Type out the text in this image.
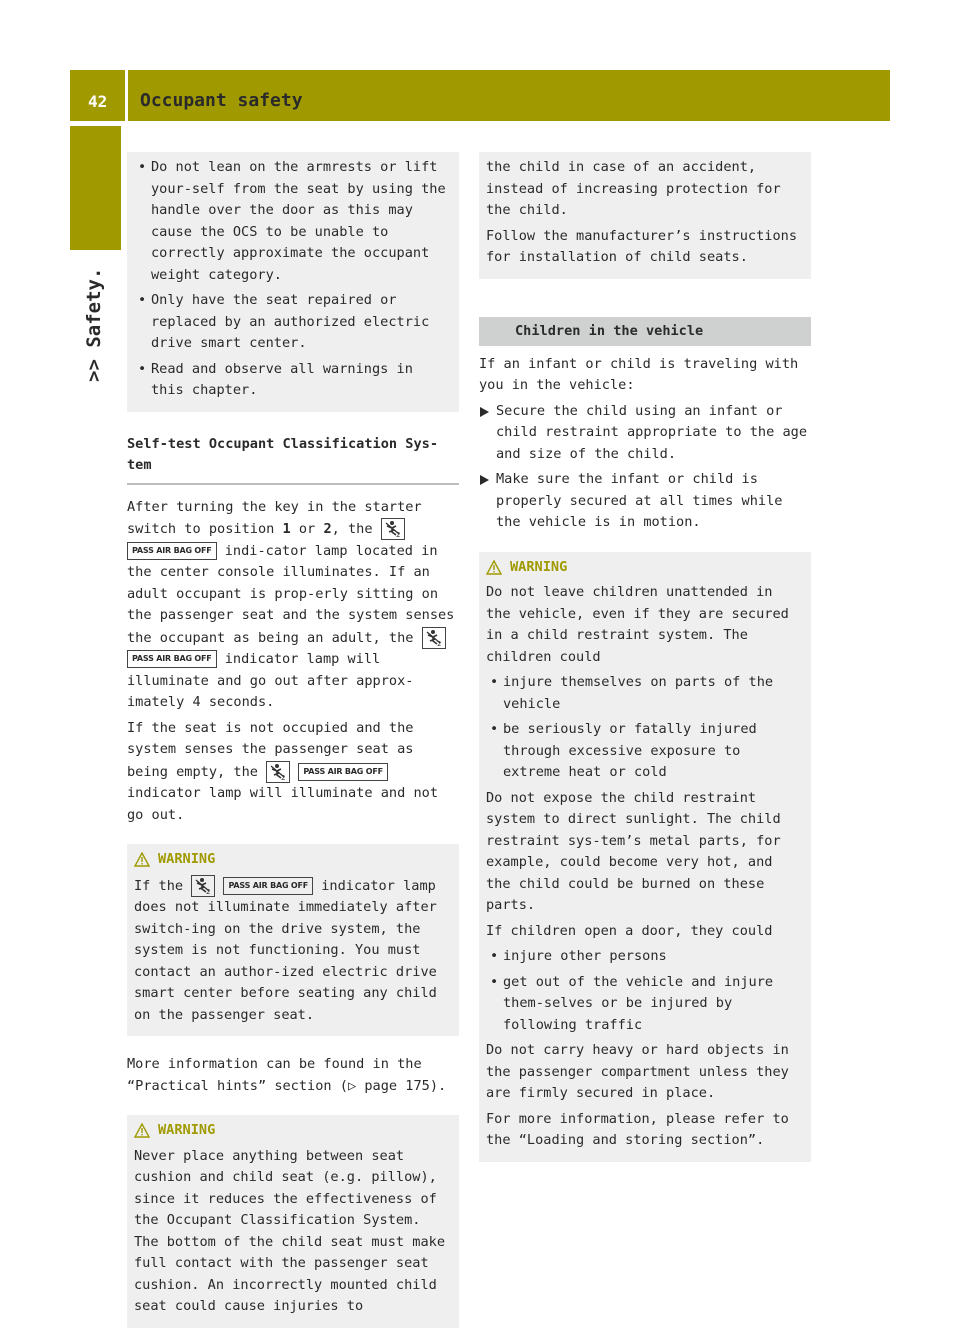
42 Occupant safety
>> Safety.
• Do not lean on the armrests or lift your-self from the seat by using the handle over the door as this may cause the OCS to be unable to correctly approximate the occupant weight category.
• Only have the seat repaired or replaced by an authorized electric drive smart center.
• Read and observe all warnings in this chapter.
Self-test Occupant Classification Sys-tem

After turning the key in the starter switch to position 1 or 2, the 2
PASS AIR BAG OFF indi-cator lamp located in the center console illuminates. If an adult occupant is prop-erly sitting on the passenger seat and the system senses the occupant as being an adult, the 2
PASS AIR BAG OFF indicator lamp will illuminate and go out after approx-imately 4 seconds.

If the seat is not occupied and the system senses the passenger seat as being empty, the 2
PASS AIR BAG OFF indicator lamp will illuminate and not go out.

WARNING

If the 2
PASS AIR BAG OFF indicator lamp does not illuminate immediately after switch-ing on the drive system, the system is not functioning. You must contact an author-ized electric drive smart center before seating any child on the passenger seat.

More information can be found in the “Practical hints” section (▷ page 175).

WARNING

Never place anything between seat cushion and child seat (e.g. pillow), since it reduces the effectiveness of the Occupant Classification System. The bottom of the child seat must make full contact with the passenger seat cushion. An incorrectly mounted child seat could cause injuries to

the child in case of an accident, instead of increasing protection for the child.

Follow the manufacturer’s instructions for installation of child seats.

Children in the vehicle

If an infant or child is traveling with you in the vehicle:

Secure the child using an infant or child restraint appropriate to the age and size of the child.
Make sure the infant or child is properly secured at all times while the vehicle is in motion.
WARNING

Do not leave children unattended in the vehicle, even if they are secured in a child restraint system. The children could

• injure themselves on parts of the vehicle
• be seriously or fatally injured through excessive exposure to extreme heat or cold

Do not expose the child restraint system to direct sunlight. The child restraint sys-tem’s metal parts, for example, could become very hot, and the child could be burned on these parts.

If children open a door, they could

• injure other persons
• get out of the vehicle and injure them-selves or be injured by following traffic

Do not carry heavy or hard objects in the passenger compartment unless they are firmly secured in place.

For more information, please refer to the “Loading and storing section”.
